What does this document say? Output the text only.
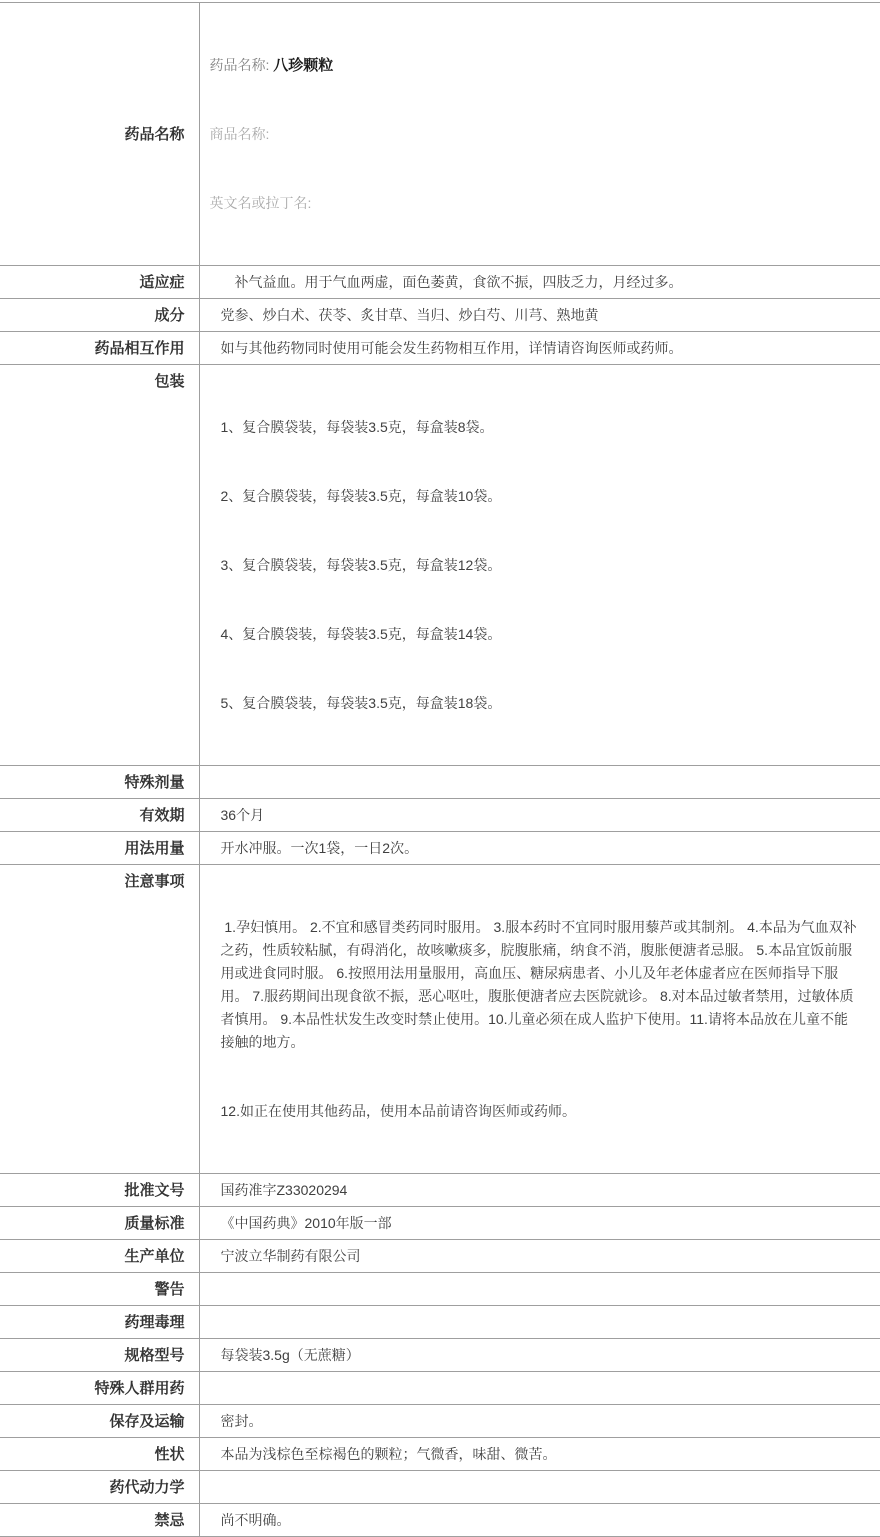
药品名称	药品名称: 八珍颗粒

商品名称:

英文名或拉丁名:

适应症	　补气益血。用于气血两虚，面色萎黄，食欲不振，四肢乏力，月经过多。
成分	党参、炒白术、茯苓、炙甘草、当归、炒白芍、川芎、熟地黄
药品相互作用	如与其他药物同时使用可能会发生药物相互作用，详情请咨询医师或药师。
包装	1、复合膜袋装，每袋装3.5克，每盒装8袋。

2、复合膜袋装，每袋装3.5克，每盒装10袋。

3、复合膜袋装，每袋装3.5克，每盒装12袋。

4、复合膜袋装，每袋装3.5克，每盒装14袋。

5、复合膜袋装，每袋装3.5克，每盒装18袋。

特殊剂量	
有效期	36个月
用法用量	开水冲服。一次1袋，一日2次。
注意事项	1.孕妇慎用。 2.不宜和感冒类药同时服用。 3.服本药时不宜同时服用藜芦或其制剂。 4.本品为气血双补之药，性质较粘腻，有碍消化，故咳嗽痰多，脘腹胀痛，纳食不消，腹胀便溏者忌服。 5.本品宜饭前服用或进食同时服。 6.按照用法用量服用，高血压、糖尿病患者、小儿及年老体虚者应在医师指导下服用。 7.服药期间出现食欲不振，恶心呕吐，腹胀便溏者应去医院就诊。 8.对本品过敏者禁用，过敏体质者慎用。 9.本品性状发生改变时禁止使用。10.儿童必须在成人监护下使用。11.请将本品放在儿童不能接触的地方。

12.如正在使用其他药品，使用本品前请咨询医师或药师。

批准文号	国药准字Z33020294
质量标准	《中国药典》2010年版一部
生产单位	宁波立华制药有限公司
警告	
药理毒理	
规格型号	每袋装3.5g（无蔗糖）
特殊人群用药	
保存及运输	密封。
性状	本品为浅棕色至棕褐色的颗粒；气微香，味甜、微苦。
药代动力学	
禁忌	尚不明确。
